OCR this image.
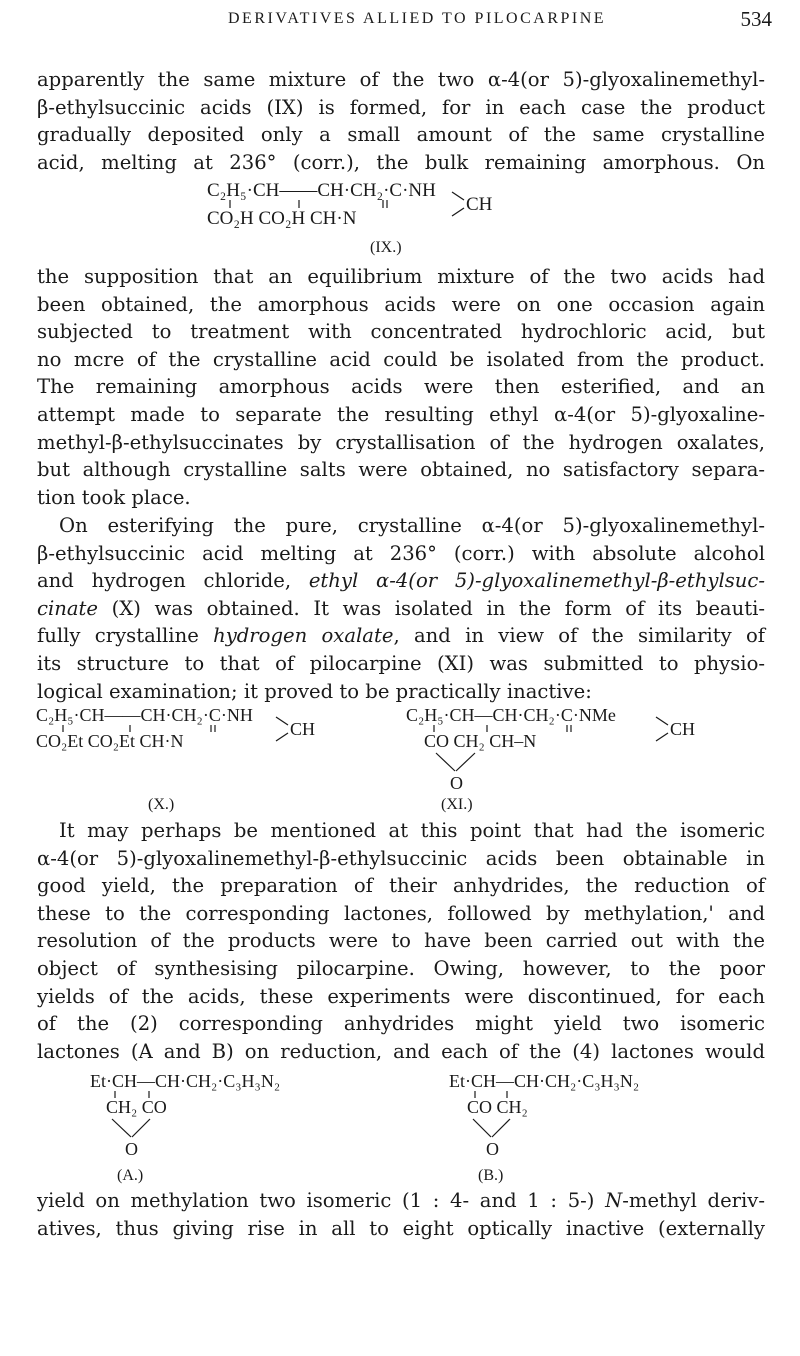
DERIVATIVES ALLIED TO PILOCARPINE	534
apparently the same mixture of the two α-4(or 5)-glyoxalinemethyl-
β-ethylsuccinic acids (IX) is formed, for in each case the product
gradually deposited only a small amount of the same crystalline
acid, melting at 236° (corr.), the bulk remaining amorphous. On
C₂H₅·CH——CH·CH₂·C·NH
CO₂H CO₂H CH·N
CH
(IX.)
the supposition that an equilibrium mixture of the two acids had
been obtained, the amorphous acids were on one occasion again
subjected to treatment with concentrated hydrochloric acid, but
no mcre of the crystalline acid could be isolated from the product.
The remaining amorphous acids were then esterified, and an
attempt made to separate the resulting ethyl α-4(or 5)-glyoxaline-
methyl-β-ethylsuccinates by crystallisation of the hydrogen oxalates,
but although crystalline salts were obtained, no satisfactory separa-
tion took place.
On esterifying the pure, crystalline α-4(or 5)-glyoxalinemethyl-
β-ethylsuccinic acid melting at 236° (corr.) with absolute alcohol
and hydrogen chloride, ethyl α-4(or 5)-glyoxalinemethyl-β-ethylsuc-
cinate (X) was obtained. It was isolated in the form of its beauti-
fully crystalline hydrogen oxalate, and in view of the similarity of
its structure to that of pilocarpine (XI) was submitted to physio-
logical examination; it proved to be practically inactive:
C₂H₅·CH——CH·CH₂·C·NH
CO₂Et CO₂Et CH·N
CH
(X.)
C₂H₅·CH—CH·CH₂·C·NMe
CO CH₂ CH–N
CH
O
(XI.)
It may perhaps be mentioned at this point that had the isomeric
α-4(or 5)-glyoxalinemethyl-β-ethylsuccinic acids been obtainable in
good yield, the preparation of their anhydrides, the reduction of
these to the corresponding lactones, followed by methylation,' and
resolution of the products were to have been carried out with the
object of synthesising pilocarpine. Owing, however, to the poor
yields of the acids, these experiments were discontinued, for each
of the (2) corresponding anhydrides might yield two isomeric
lactones (A and B) on reduction, and each of the (4) lactones would
Et·CH—CH·CH₂·C₃H₃N₂
CH₂ CO
O
(A.)
Et·CH—CH·CH₂·C₃H₃N₂
CO CH₂
O
(B.)
yield on methylation two isomeric (1 : 4- and 1 : 5-) N-methyl deriv-
atives, thus giving rise in all to eight optically inactive (externally
